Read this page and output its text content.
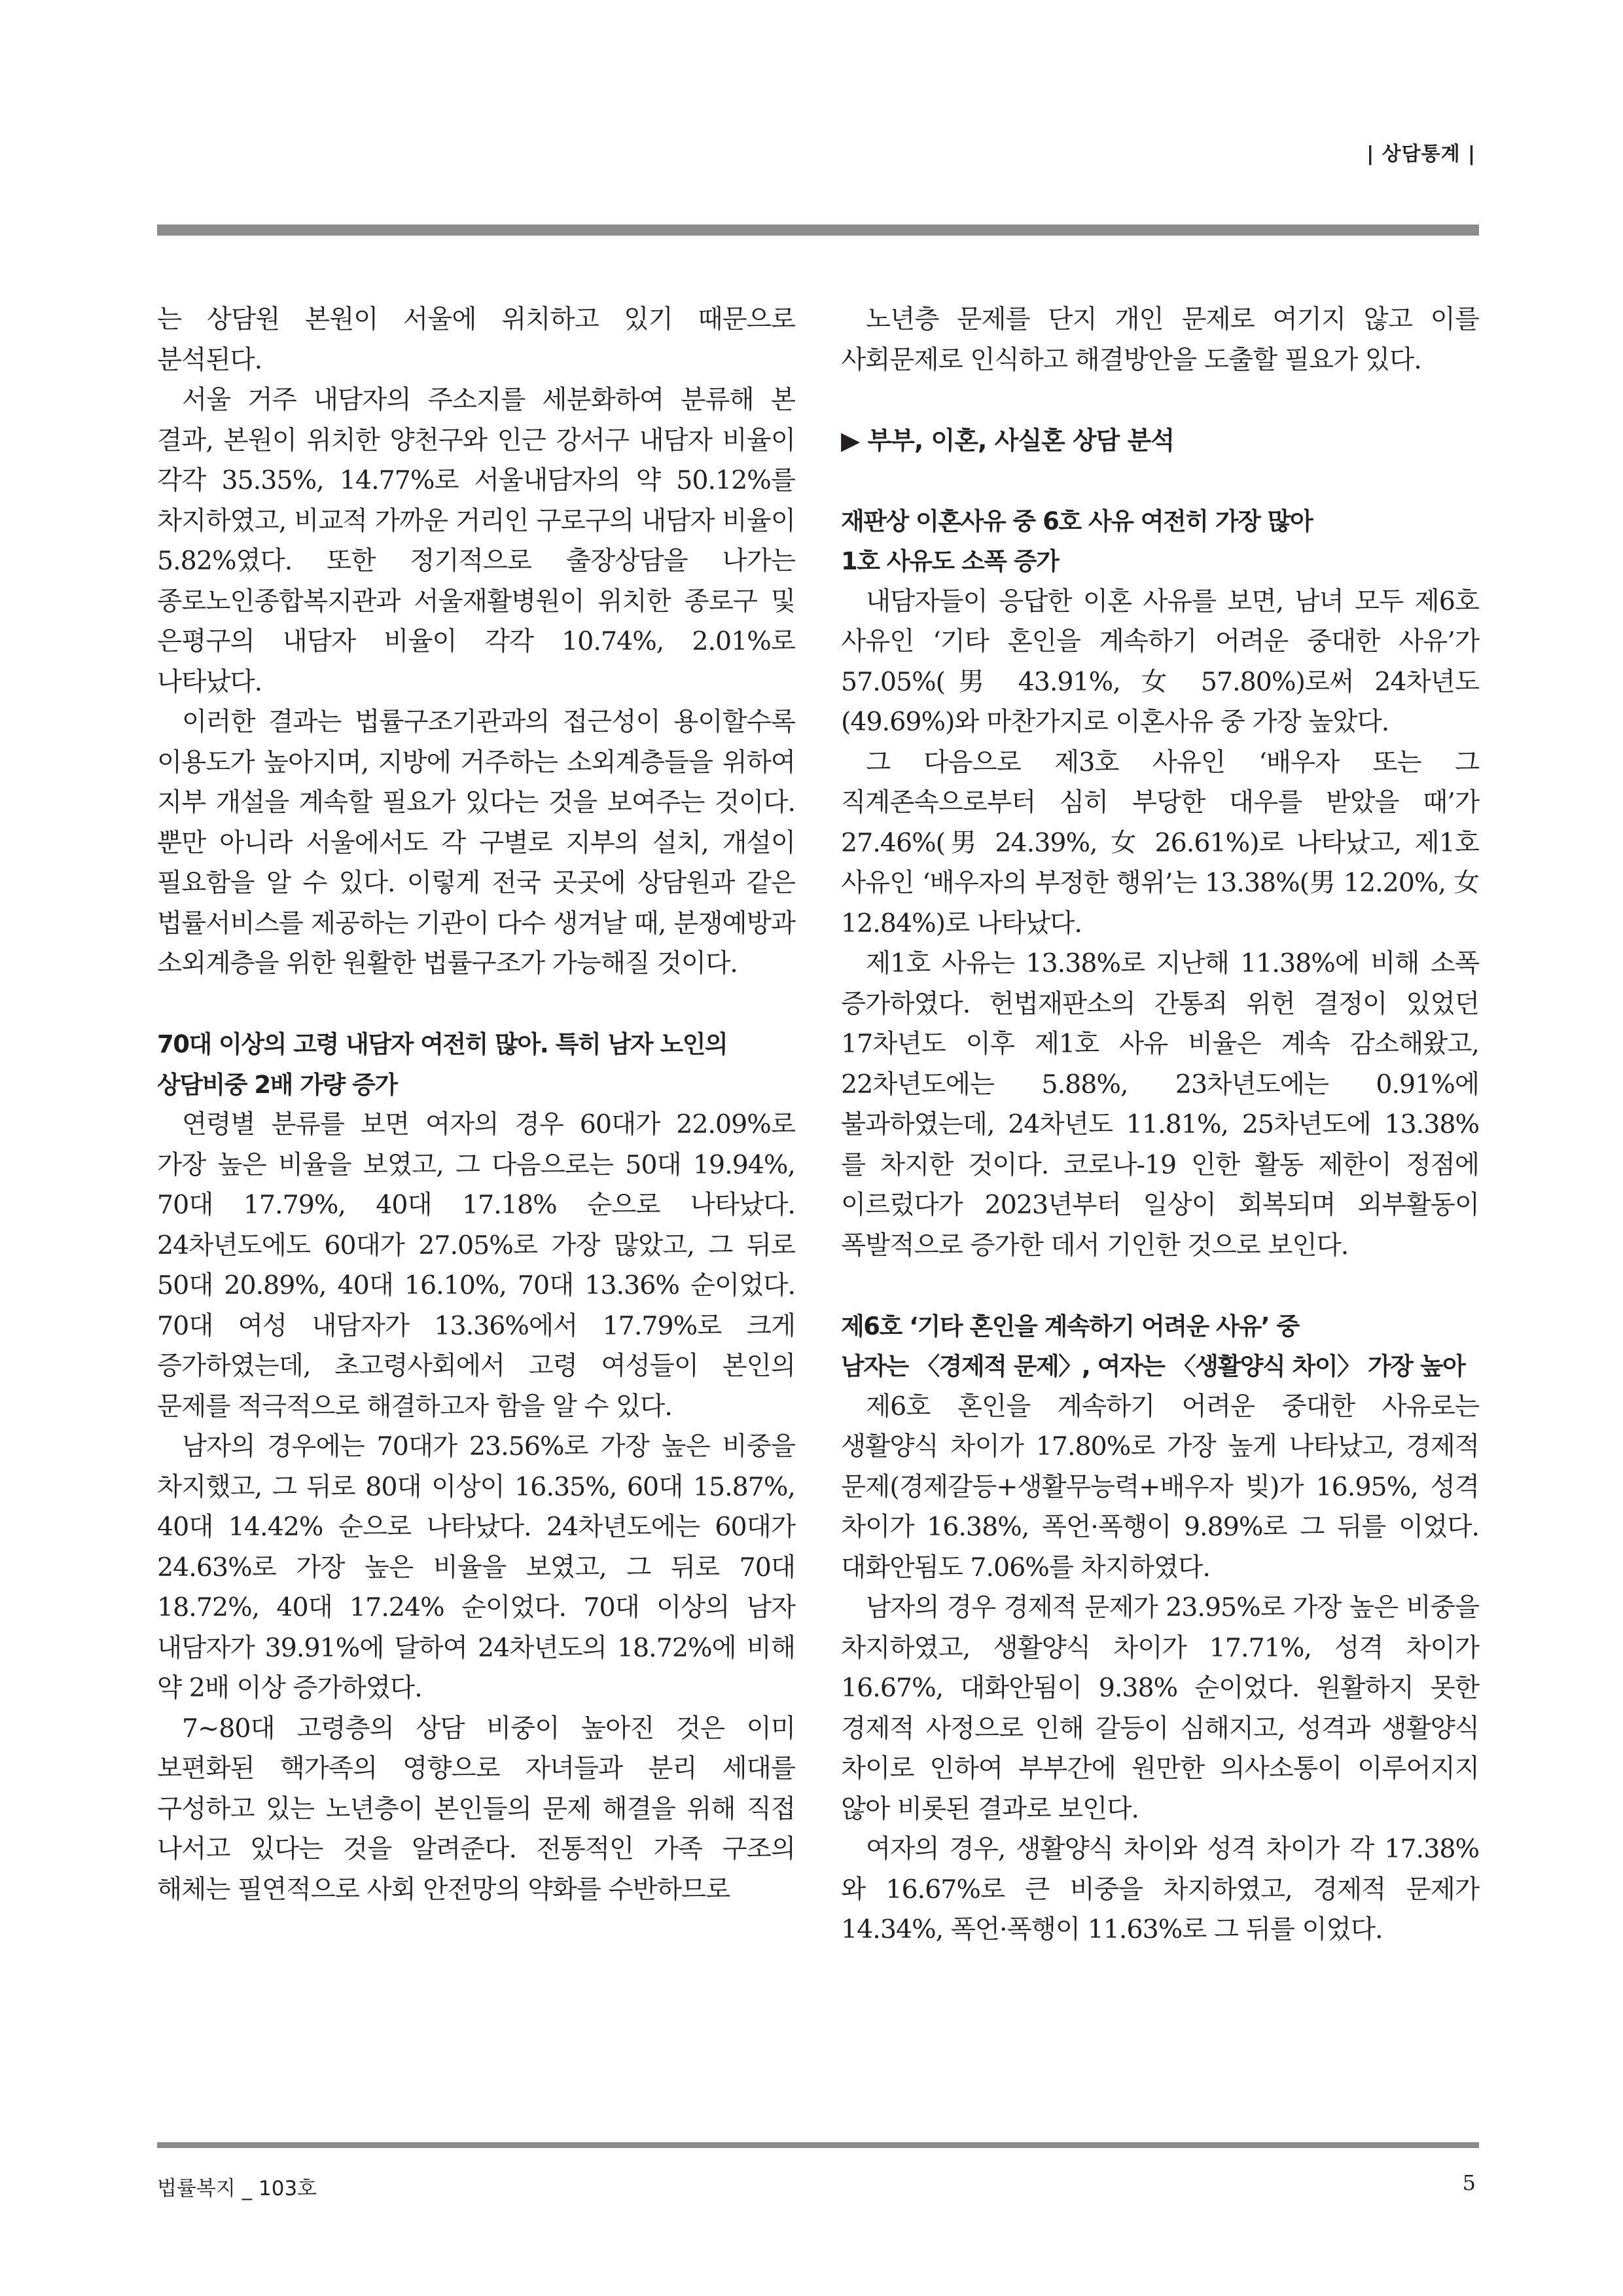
| 상담통계 |

는 상담원 본원이 서울에 위치하고 있기 때문으로 분석된다.

서울 거주 내담자의 주소지를 세분화하여 분류해 본 결과, 본원이 위치한 양천구와 인근 강서구 내담자 비율이 각각 35.35%, 14.77%로 서울내담자의 약 50.12%를 차지하였고, 비교적 가까운 거리인 구로구의 내담자 비율이 5.82%였다. 또한 정기적으로 출장상담을 나가는 종로노인종합복지관과 서울재활병원이 위치한 종로구 및 은평구의 내담자 비율이 각각 10.74%, 2.01%로 나타났다.

이러한 결과는 법률구조기관과의 접근성이 용이할수록 이용도가 높아지며, 지방에 거주하는 소외계층들을 위하여 지부 개설을 계속할 필요가 있다는 것을 보여주는 것이다. 뿐만 아니라 서울에서도 각 구별로 지부의 설치, 개설이 필요함을 알 수 있다. 이렇게 전국 곳곳에 상담원과 같은 법률서비스를 제공하는 기관이 다수 생겨날 때, 분쟁예방과 소외계층을 위한 원활한 법률구조가 가능해질 것이다.

70대 이상의 고령 내담자 여전히 많아. 특히 남자 노인의
상담비중 2배 가량 증가

연령별 분류를 보면 여자의 경우 60대가 22.09%로 가장 높은 비율을 보였고, 그 다음으로는 50대 19.94%, 70대 17.79%, 40대 17.18% 순으로 나타났다. 24차년도에도 60대가 27.05%로 가장 많았고, 그 뒤로 50대 20.89%, 40대 16.10%, 70대 13.36% 순이었다. 70대 여성 내담자가 13.36%에서 17.79%로 크게 증가하였는데, 초고령사회에서 고령 여성들이 본인의 문제를 적극적으로 해결하고자 함을 알 수 있다.

남자의 경우에는 70대가 23.56%로 가장 높은 비중을 차지했고, 그 뒤로 80대 이상이 16.35%, 60대 15.87%, 40대 14.42% 순으로 나타났다. 24차년도에는 60대가 24.63%로 가장 높은 비율을 보였고, 그 뒤로 70대 18.72%, 40대 17.24% 순이었다. 70대 이상의 남자 내담자가 39.91%에 달하여 24차년도의 18.72%에 비해 약 2배 이상 증가하였다.

7~80대 고령층의 상담 비중이 높아진 것은 이미 보편화된 핵가족의 영향으로 자녀들과 분리 세대를 구성하고 있는 노년층이 본인들의 문제 해결을 위해 직접 나서고 있다는 것을 알려준다. 전통적인 가족 구조의 해체는 필연적으로 사회 안전망의 약화를 수반하므로

노년층 문제를 단지 개인 문제로 여기지 않고 이를 사회문제로 인식하고 해결방안을 도출할 필요가 있다.

▶ 부부, 이혼, 사실혼 상담 분석
재판상 이혼사유 중 6호 사유 여전히 가장 많아
1호 사유도 소폭 증가

내담자들이 응답한 이혼 사유를 보면, 남녀 모두 제6호 사유인 ‘기타 혼인을 계속하기 어려운 중대한 사유’가 57.05%(男 43.91%, 女 57.80%)로써 24차년도(49.69%)와 마찬가지로 이혼사유 중 가장 높았다.

그 다음으로 제3호 사유인 ‘배우자 또는 그 직계존속으로부터 심히 부당한 대우를 받았을 때’가 27.46%(男 24.39%, 女 26.61%)로 나타났고, 제1호 사유인 ‘배우자의 부정한 행위’는 13.38%(男 12.20%, 女 12.84%)로 나타났다.

제1호 사유는 13.38%로 지난해 11.38%에 비해 소폭 증가하였다. 헌법재판소의 간통죄 위헌 결정이 있었던 17차년도 이후 제1호 사유 비율은 계속 감소해왔고, 22차년도에는 5.88%, 23차년도에는 0.91%에 불과하였는데, 24차년도 11.81%, 25차년도에 13.38%를 차지한 것이다. 코로나-19 인한 활동 제한이 정점에 이르렀다가 2023년부터 일상이 회복되며 외부활동이 폭발적으로 증가한 데서 기인한 것으로 보인다.

제6호 ‘기타 혼인을 계속하기 어려운 사유’ 중
남자는 〈경제적 문제〉, 여자는 〈생활양식 차이〉 가장 높아

제6호 혼인을 계속하기 어려운 중대한 사유로는 생활양식 차이가 17.80%로 가장 높게 나타났고, 경제적 문제(경제갈등+생활무능력+배우자 빚)가 16.95%, 성격 차이가 16.38%, 폭언·폭행이 9.89%로 그 뒤를 이었다. 대화안됨도 7.06%를 차지하였다.

남자의 경우 경제적 문제가 23.95%로 가장 높은 비중을 차지하였고, 생활양식 차이가 17.71%, 성격 차이가 16.67%, 대화안됨이 9.38% 순이었다. 원활하지 못한 경제적 사정으로 인해 갈등이 심해지고, 성격과 생활양식 차이로 인하여 부부간에 원만한 의사소통이 이루어지지 않아 비롯된 결과로 보인다.

여자의 경우, 생활양식 차이와 성격 차이가 각 17.38%와 16.67%로 큰 비중을 차지하였고, 경제적 문제가 14.34%, 폭언·폭행이 11.63%로 그 뒤를 이었다.

법률복지 _ 103호	5
